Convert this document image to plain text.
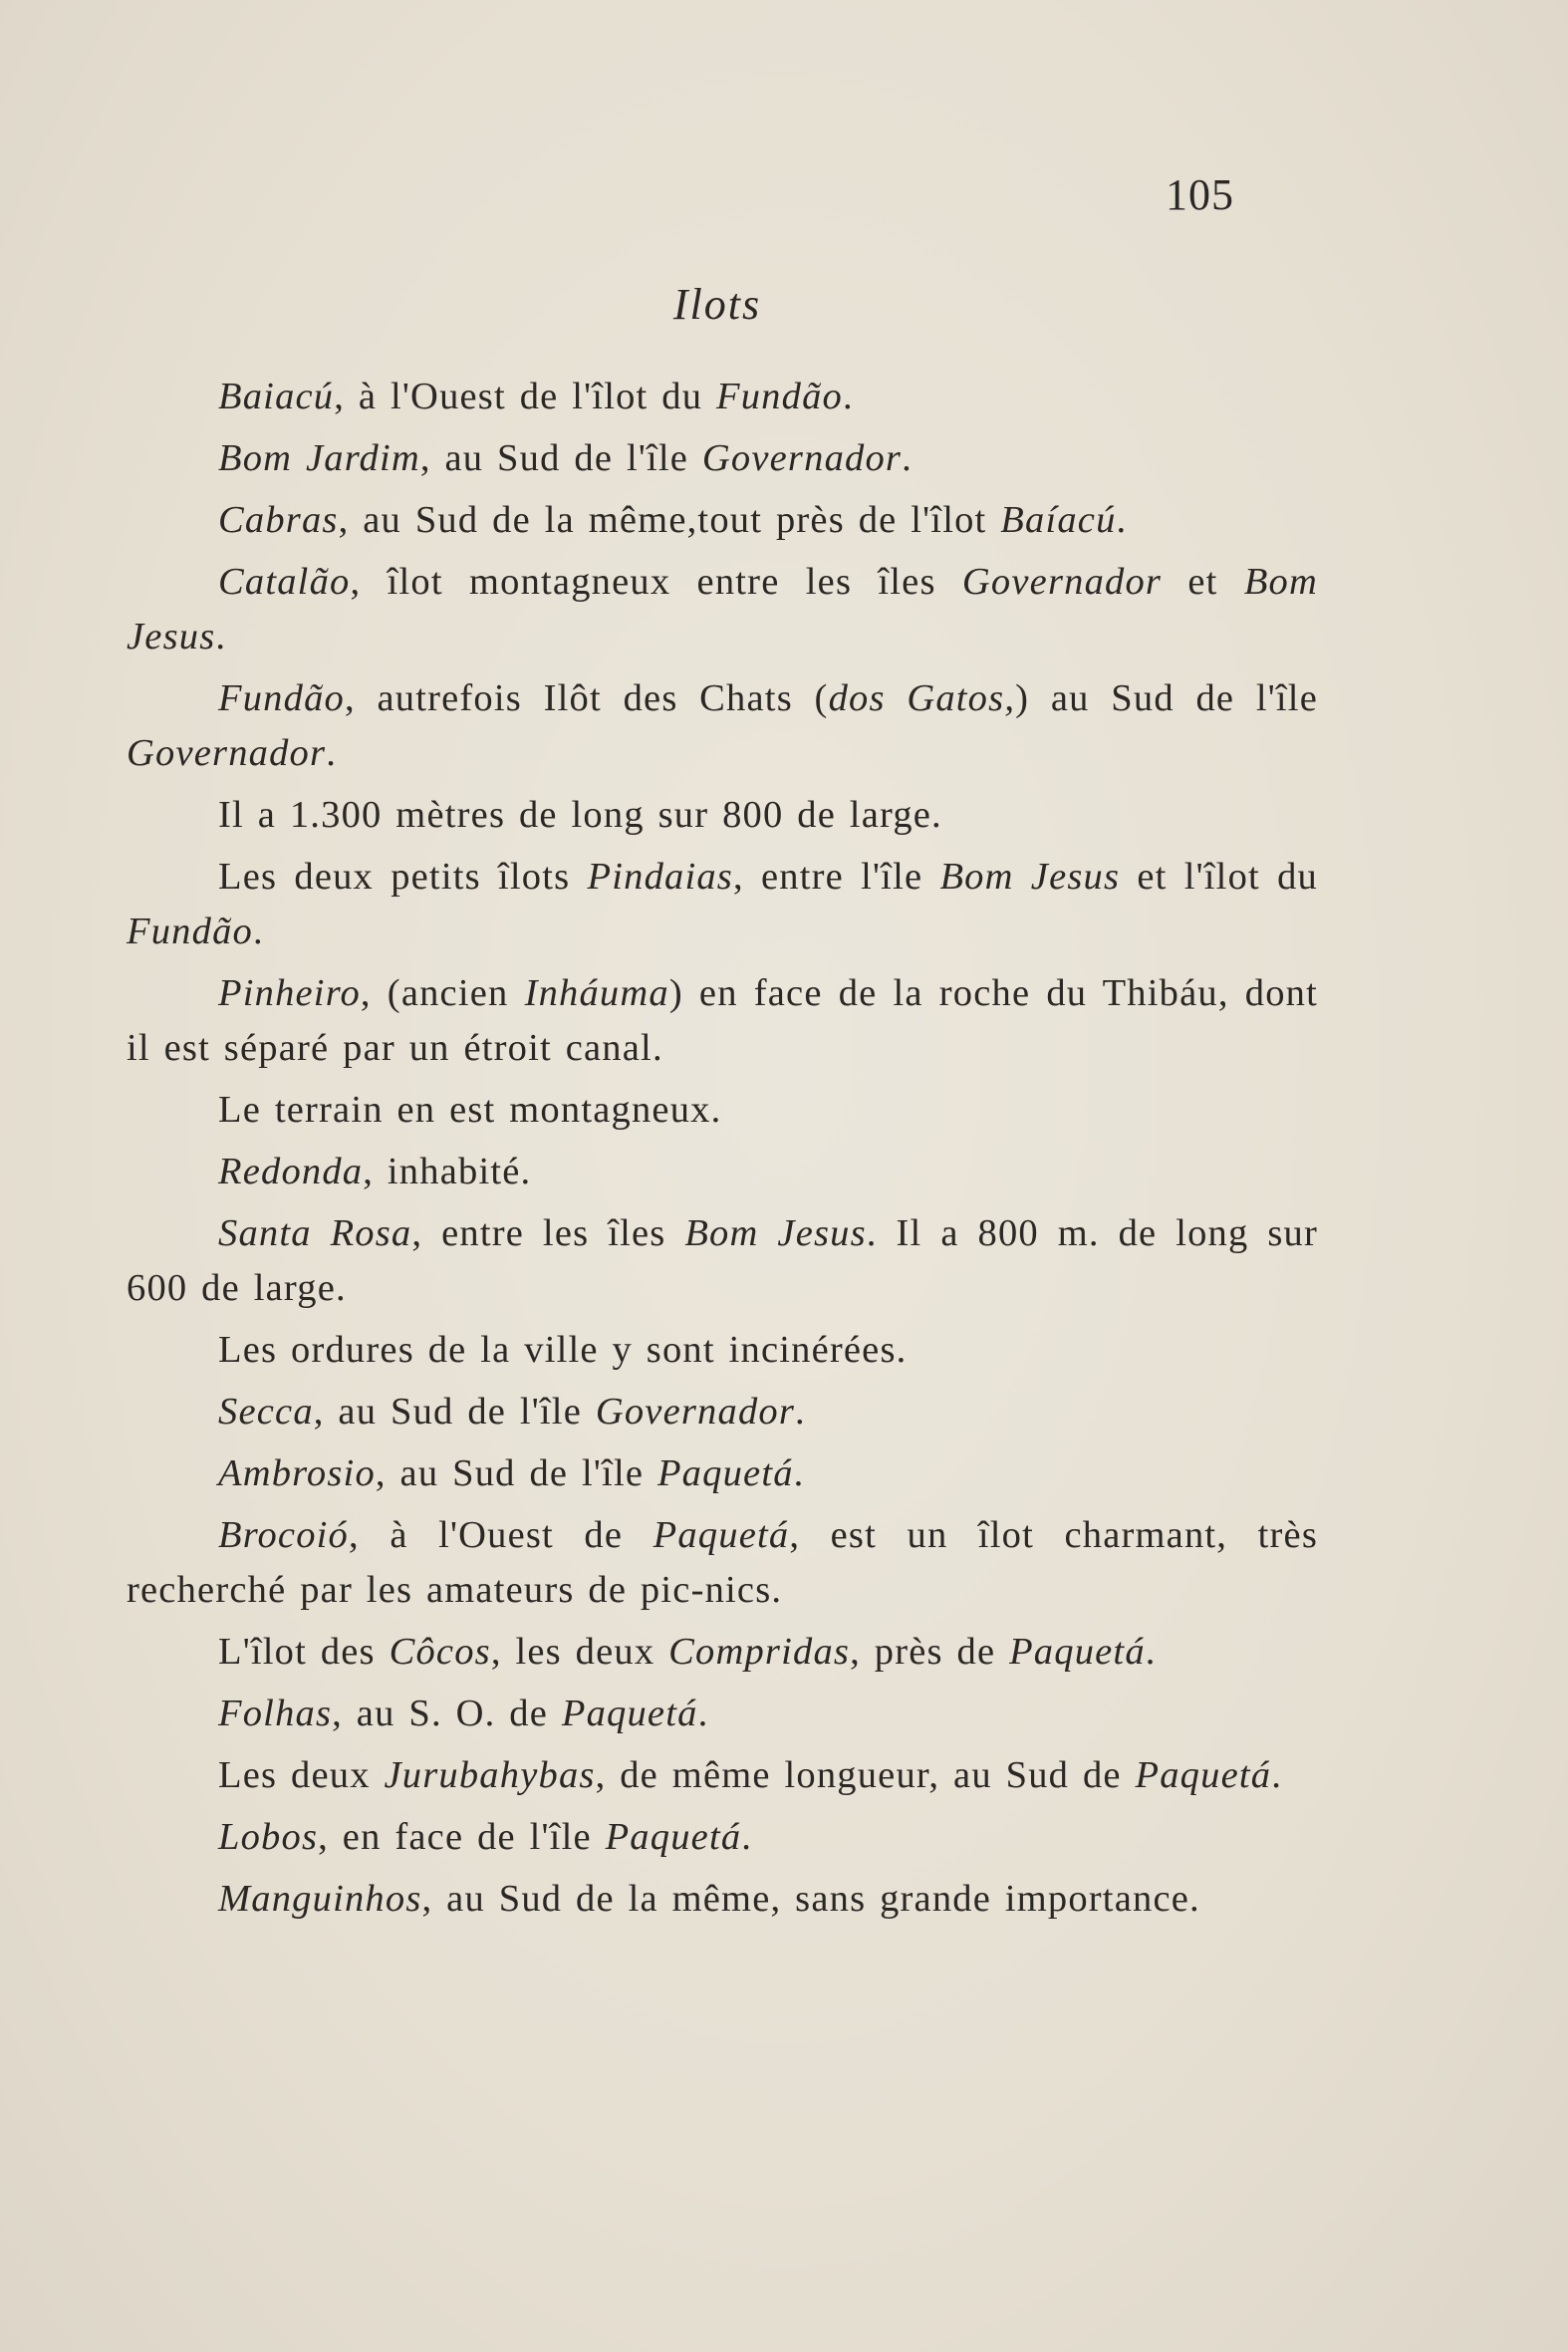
105
Ilots

Baiacú, à l'Ouest de l'îlot du Fundão.

Bom Jardim, au Sud de l'île Governador.

Cabras, au Sud de la même,tout près de l'îlot Baíacú.

Catalão, îlot montagneux entre les îles Governador et Bom Jesus.

Fundão, autrefois Ilôt des Chats (dos Gatos,) au Sud de l'île Governador.

Il a 1.300 mètres de long sur 800 de large.

Les deux petits îlots Pindaias, entre l'île Bom Jesus et l'îlot du Fundão.

Pinheiro, (ancien Inháuma) en face de la roche du Thibáu, dont il est séparé par un étroit canal.

Le terrain en est montagneux.

Redonda, inhabité.

Santa Rosa, entre les îles Bom Jesus. Il a 800 m. de long sur 600 de large.

Les ordures de la ville y sont incinérées.

Secca, au Sud de l'île Governador.

Ambrosio, au Sud de l'île Paquetá.

Brocoió, à l'Ouest de Paquetá, est un îlot charmant, très recherché par les amateurs de pic-nics.

L'îlot des Côcos, les deux Compridas, près de Paquetá.

Folhas, au S. O. de Paquetá.

Les deux Jurubahybas, de même longueur, au Sud de Paquetá.

Lobos, en face de l'île Paquetá.

Manguinhos, au Sud de la même, sans grande importance.
